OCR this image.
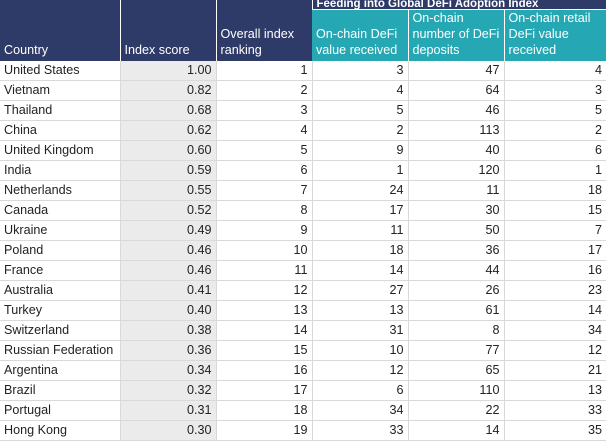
Country	Index score	Overall index ranking	Feeding into Global DeFi Adoption Index		
			On-chain DeFi value received	On-chain number of DeFi deposits	On-chain retail DeFi value received
United States	1.00	1	3	47	4
Vietnam	0.82	2	4	64	3
Thailand	0.68	3	5	46	5
China	0.62	4	2	113	2
United Kingdom	0.60	5	9	40	6
India	0.59	6	1	120	1
Netherlands	0.55	7	24	11	18
Canada	0.52	8	17	30	15
Ukraine	0.49	9	11	50	7
Poland	0.46	10	18	36	17
France	0.46	11	14	44	16
Australia	0.41	12	27	26	23
Turkey	0.40	13	13	61	14
Switzerland	0.38	14	31	8	34
Russian Federation	0.36	15	10	77	12
Argentina	0.34	16	12	65	21
Brazil	0.32	17	6	110	13
Portugal	0.31	18	34	22	33
Hong Kong	0.30	19	33	14	35
